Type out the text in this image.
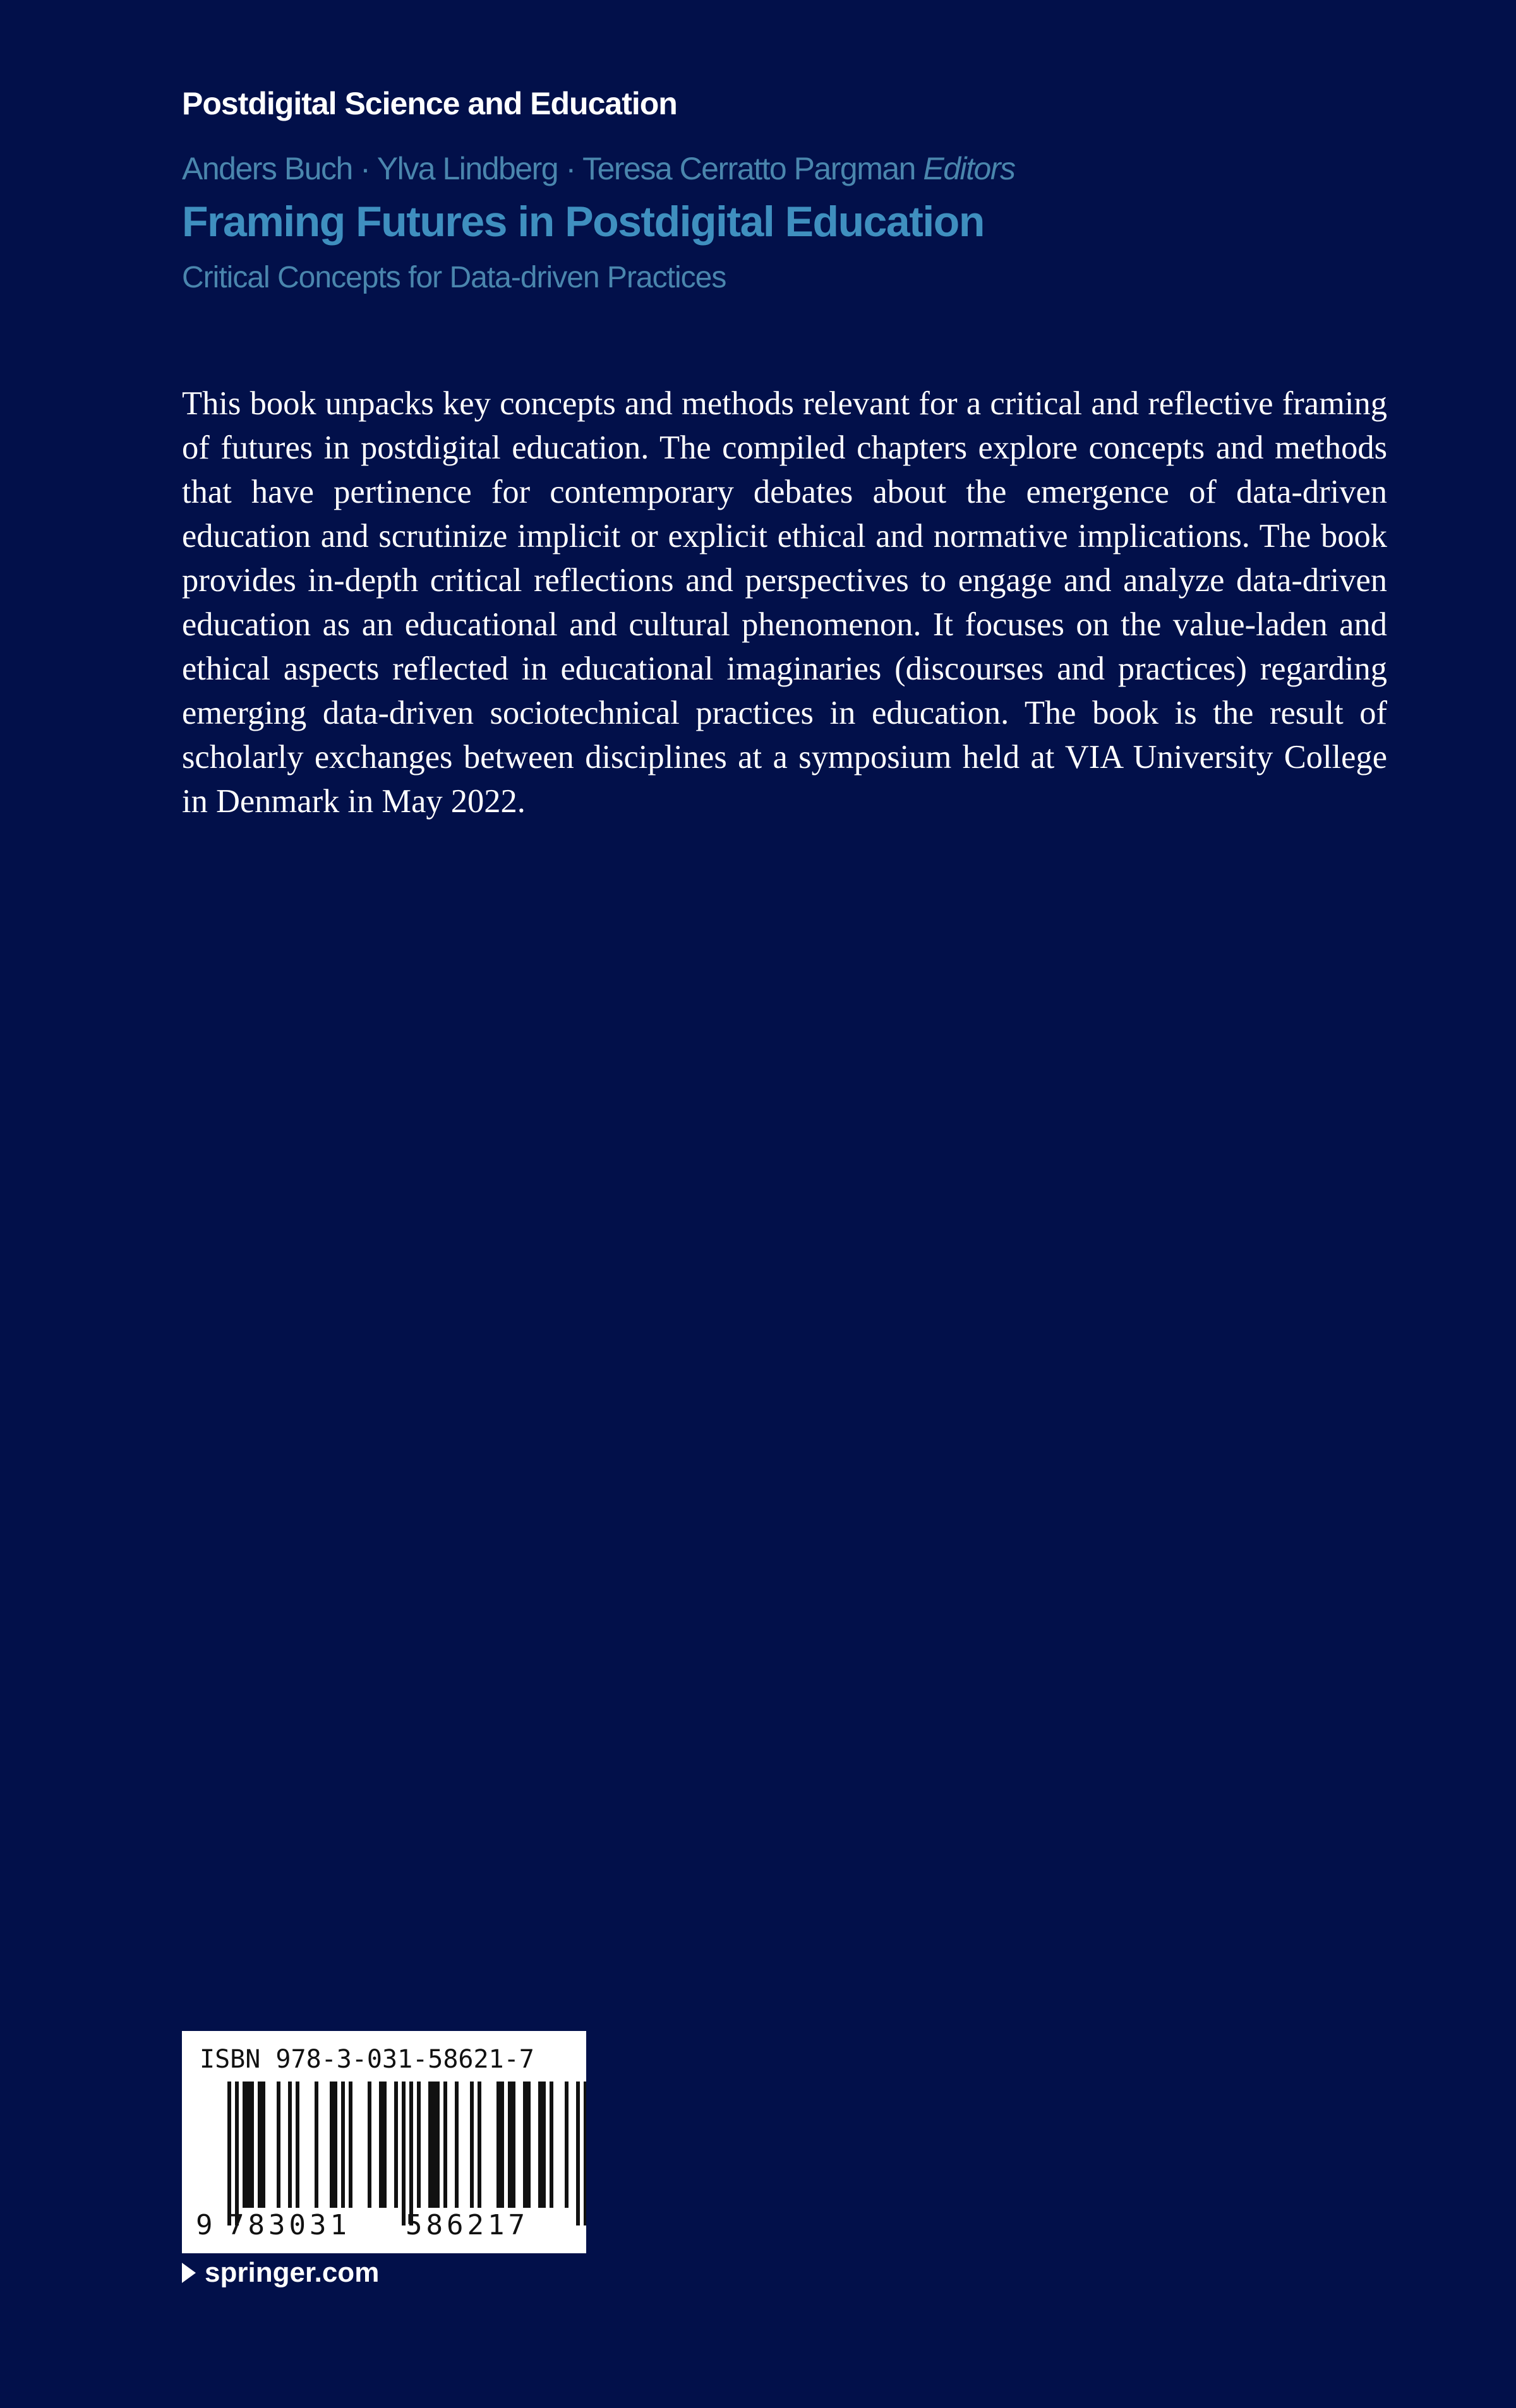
Postdigital Science and Education
Anders Buch · Ylva Lindberg · Teresa Cerratto Pargman Editors
Framing Futures in Postdigital Education
Critical Concepts for Data-driven Practices

This book unpacks key concepts and methods relevant for a critical and reflective framing of futures in postdigital education. The compiled chapters explore concepts and methods that have pertinence for contemporary debates about the emergence of data-driven education and scrutinize implicit or explicit ethical and normative implications. The book provides in-depth critical reflections and perspectives to engage and analyze data-driven education as an educational and cultural phenomenon. It focuses on the value-laden and ethical aspects reflected in educational imaginaries (discourses and practices) regarding emerging data-driven sociotechnical practices in education. The book is the result of scholarly exchanges between disciplines at a symposium held at VIA University College in Denmark in May 2022.

ISBN 978-3-031-58621-7
9 783031 586217
springer.com
